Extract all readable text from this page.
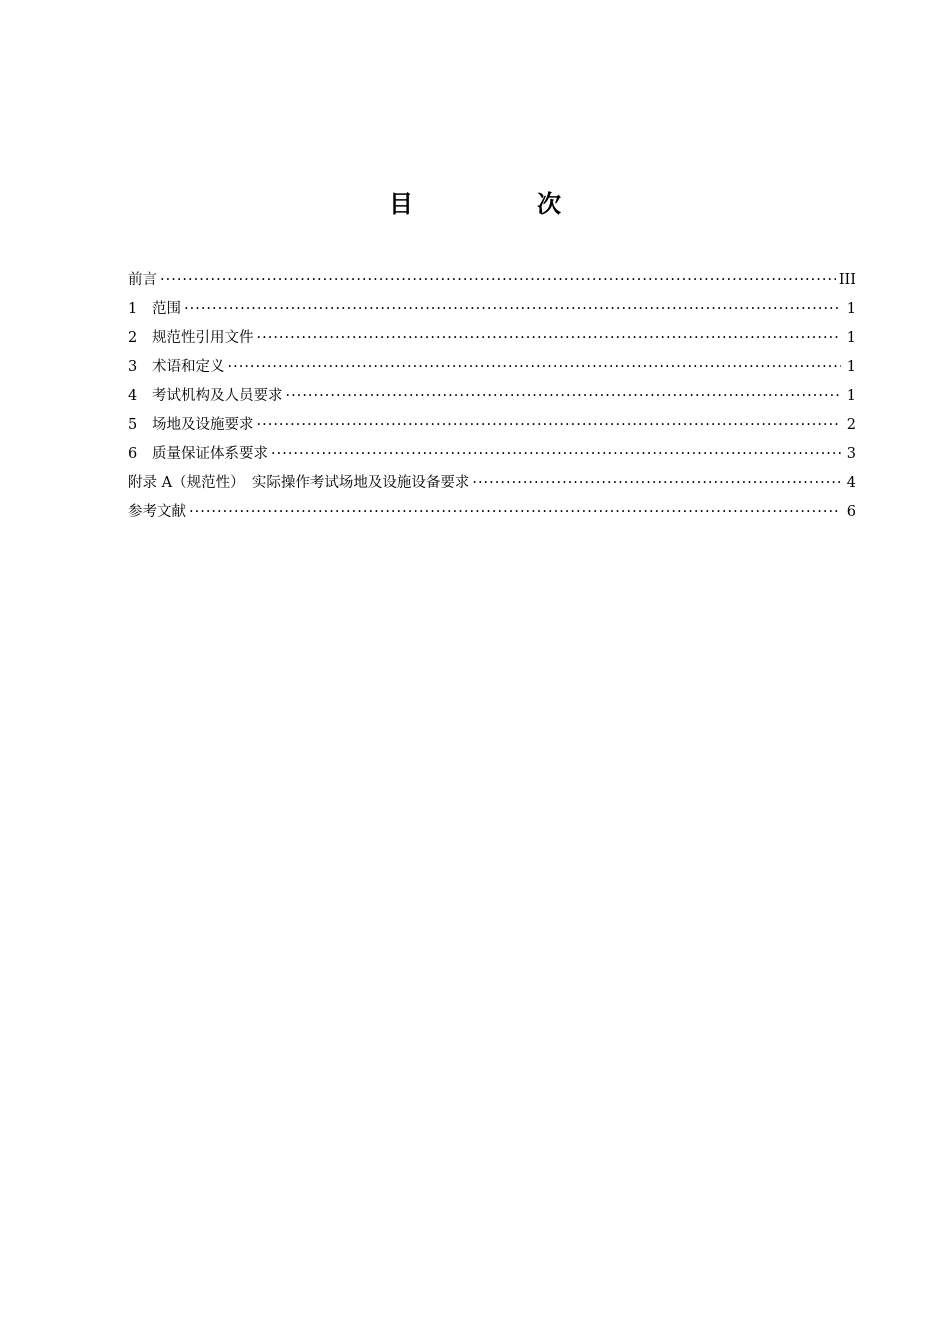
目　次
前言 ·····	III
1	范围 ·····	1
2	规范性引用文件 ·····	1
3	术语和定义 ·····	1
4	考试机构及人员要求 ·····	1
5	场地及设施要求 ·····	2
6	质量保证体系要求 ·····	3
附录 A（规范性）　实际操作考试场地及设施设备要求 ·····	4
参考文献 ·····	6
